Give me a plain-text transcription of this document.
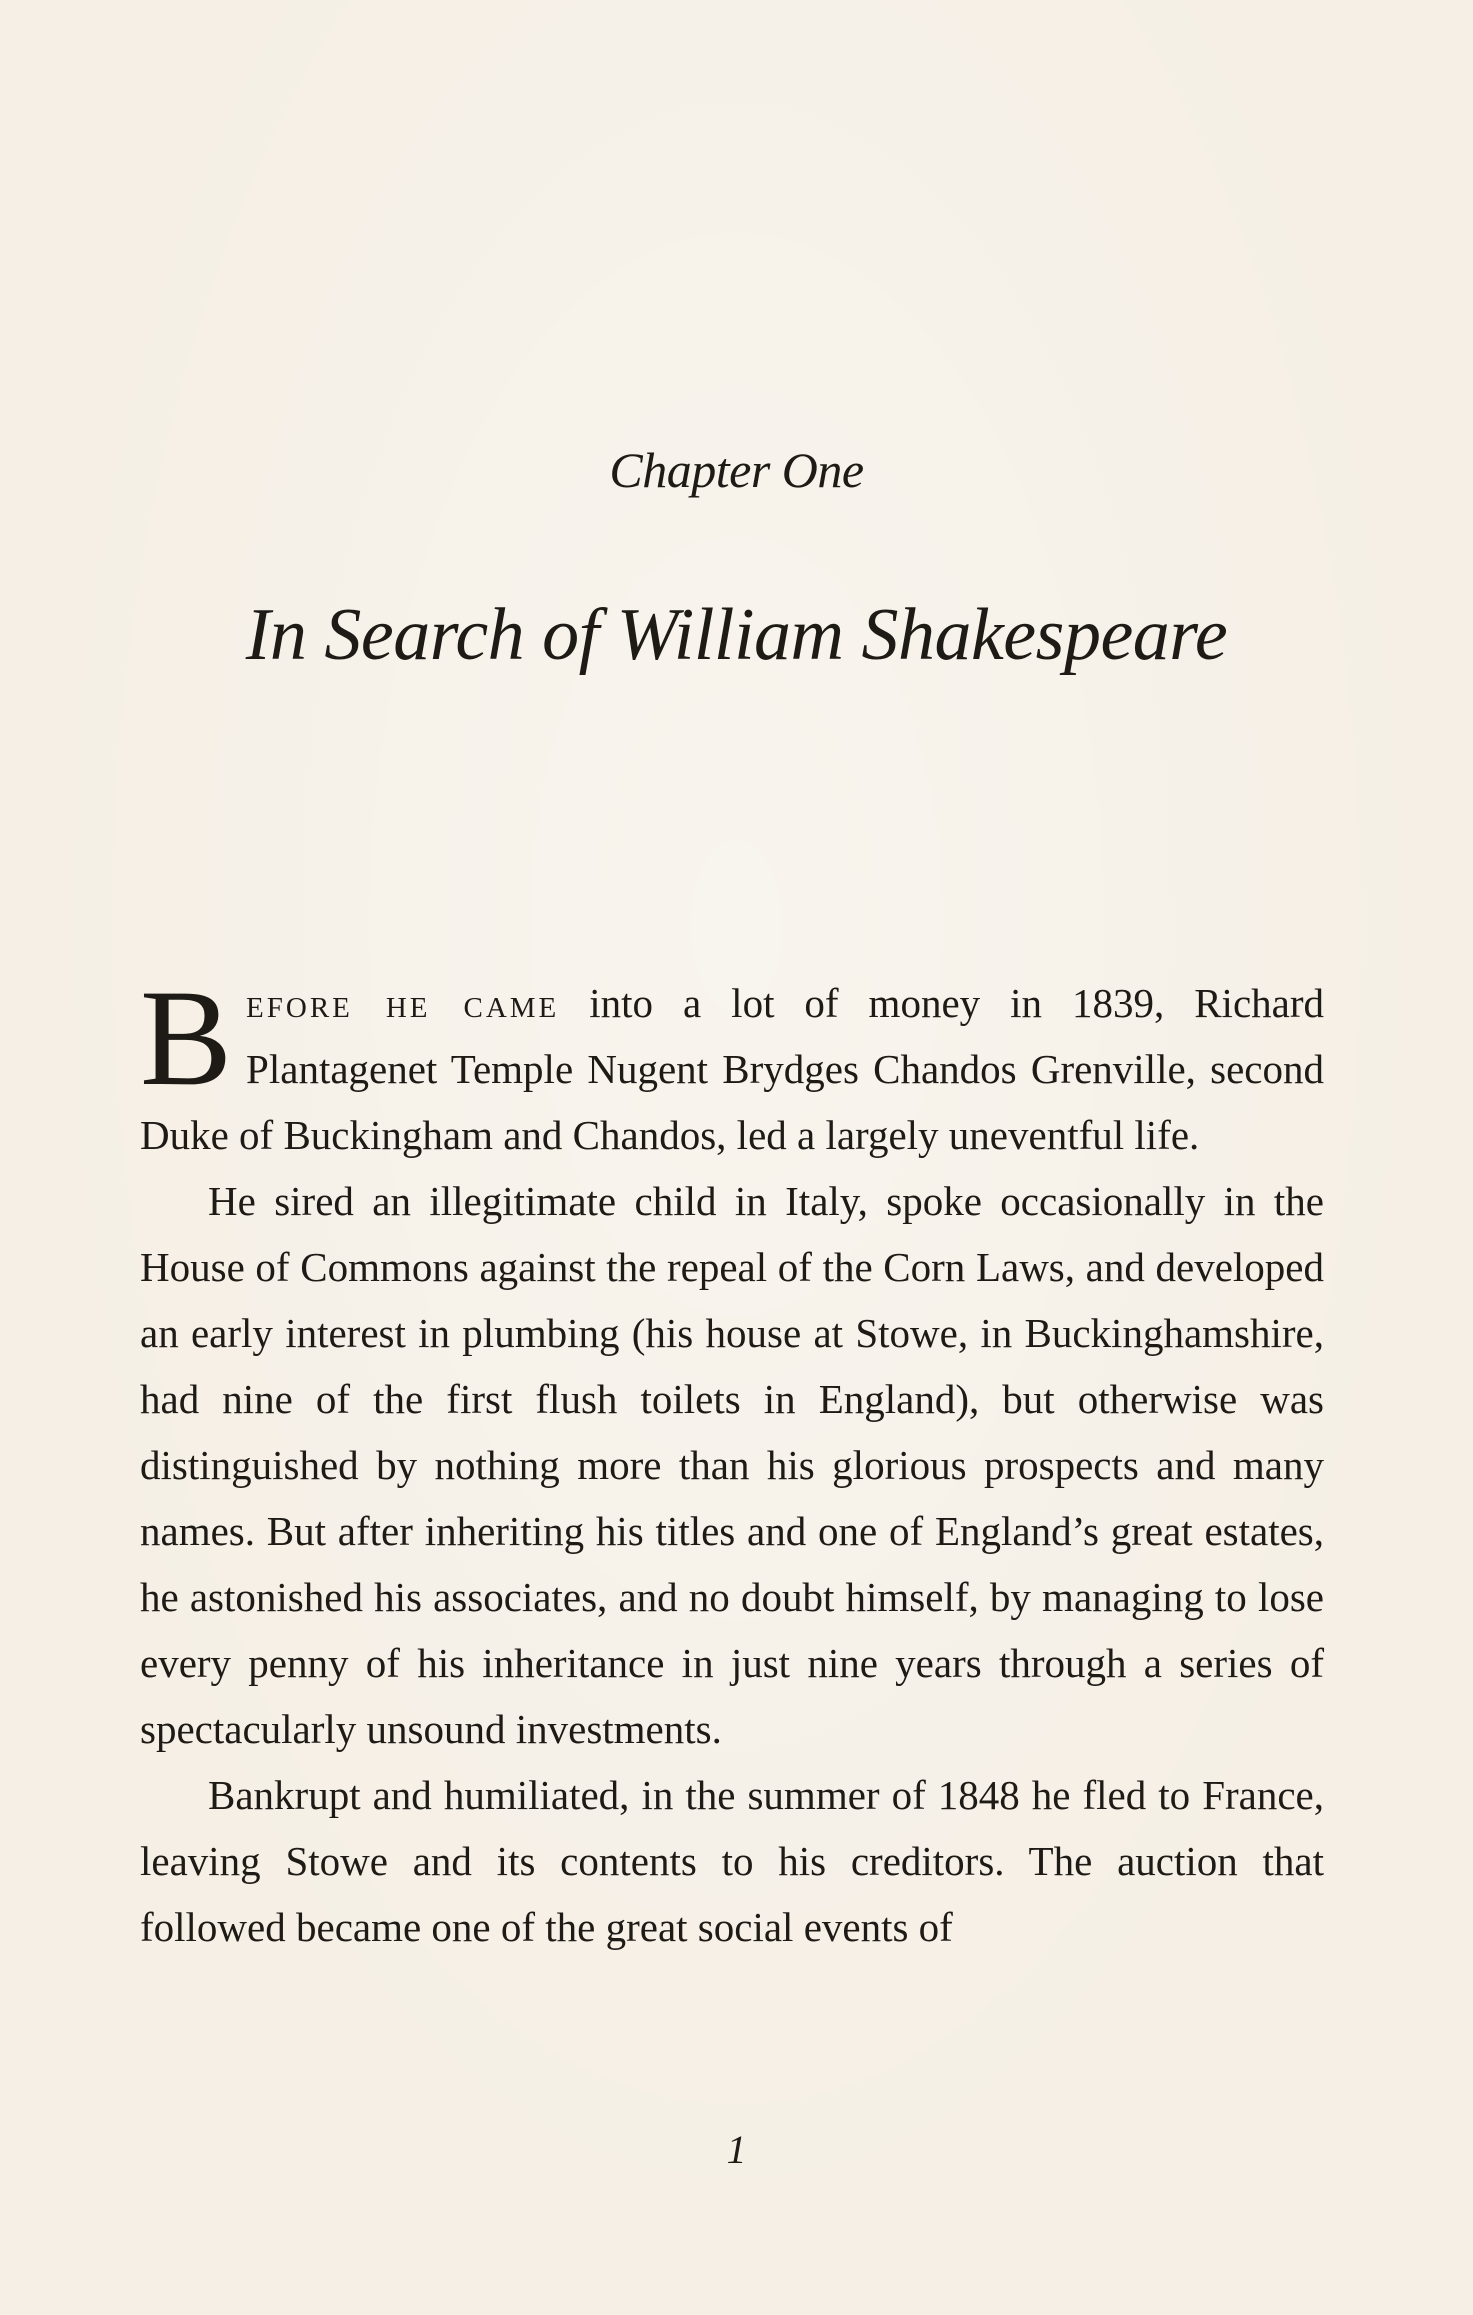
Chapter One
In Search of William Shakespeare

Before he came into a lot of money in 1839, Richard Plantagenet Temple Nugent Brydges Chandos Grenville, second Duke of Buckingham and Chandos, led a largely uneventful life.

He sired an illegitimate child in Italy, spoke occasionally in the House of Commons against the repeal of the Corn Laws, and developed an early interest in plumbing (his house at Stowe, in Buckinghamshire, had nine of the first flush toilets in England), but otherwise was distinguished by nothing more than his glorious prospects and many names. But after inheriting his titles and one of England’s great estates, he astonished his associates, and no doubt himself, by managing to lose every penny of his inheritance in just nine years through a series of spectacularly unsound investments.

Bankrupt and humiliated, in the summer of 1848 he fled to France, leaving Stowe and its contents to his creditors. The auction that followed became one of the great social events of

1
